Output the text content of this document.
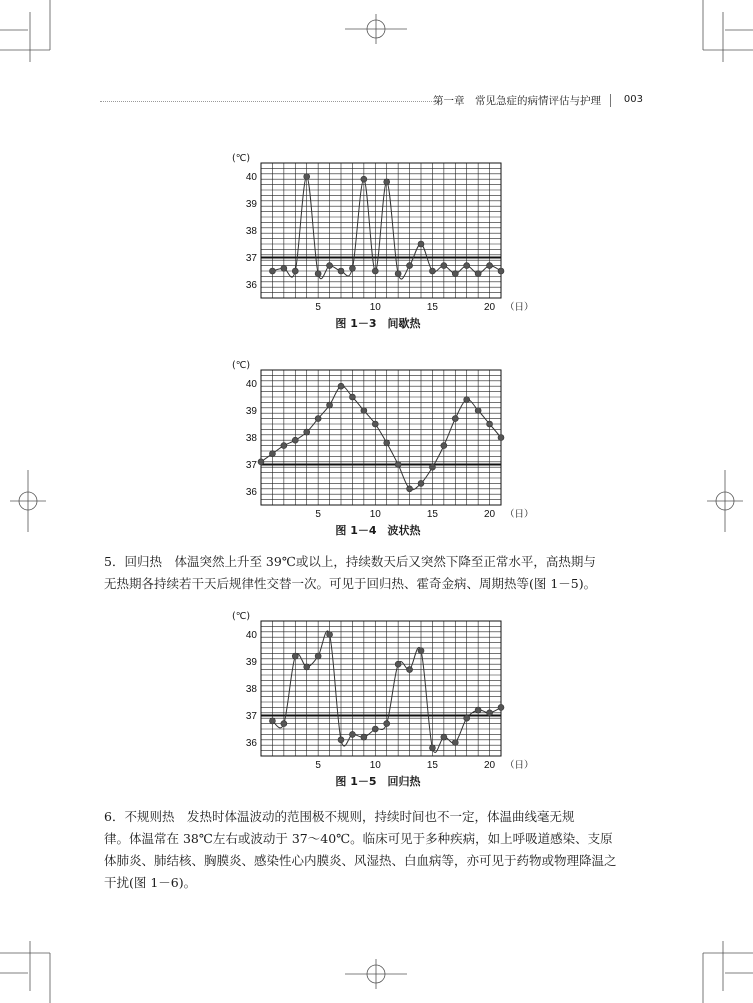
第一章　常见急症的病情评估与护理 003
36
37
38
39
40
5	10	15	20
(℃)
（日）
图 1－3　间歇热
36
37
38
39
40
5	10	15	20
(℃)
（日）
图 1－4　波状热
5．回归热　体温突然上升至 39℃或以上，持续数天后又突然下降至正常水平，高热期与
无热期各持续若干天后规律性交替一次。可见于回归热、霍奇金病、周期热等(图 1－5)。
36
37
38
39
40
5	10	15	20
(℃)
（日）
图 1－5　回归热
6．不规则热　发热时体温波动的范围极不规则，持续时间也不一定，体温曲线毫无规
律。体温常在 38℃左右或波动于 37～40℃。临床可见于多种疾病，如上呼吸道感染、支原
体肺炎、肺结核、胸膜炎、感染性心内膜炎、风湿热、白血病等，亦可见于药物或物理降温之
干扰(图 1－6)。
